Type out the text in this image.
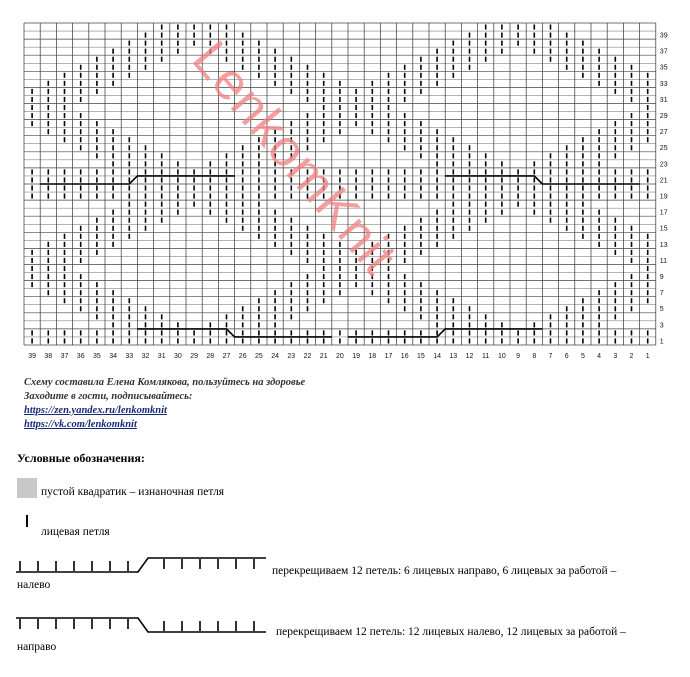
1
3
5
7
9
11
13
15
17
19
21
23
25
27
29
31
33
35
37
39
39 38 37 36 35 34 33 32 31 30 29 28 27 26 25 24 23 22 21 20 19 18 17 16 15 14 13 12 11 10 9 8 7 6 5 4 3 2 1
LenkomKnit
Схему составила Елена Комлякова, пользуйтесь на здоровье
Заходите в гости, подписывайтесь:
https://zen.yandex.ru/lenkomknit
https://vk.com/lenkomknit
Условные обозначения:
пустой квадратик – изнаночная петля
лицевая петля
перекрещиваем 12 петель: 6 лицевых направо, 6 лицевых за работой –
налево
перекрещиваем 12 петель: 12 лицевых налево, 12 лицевых за работой –
направо
